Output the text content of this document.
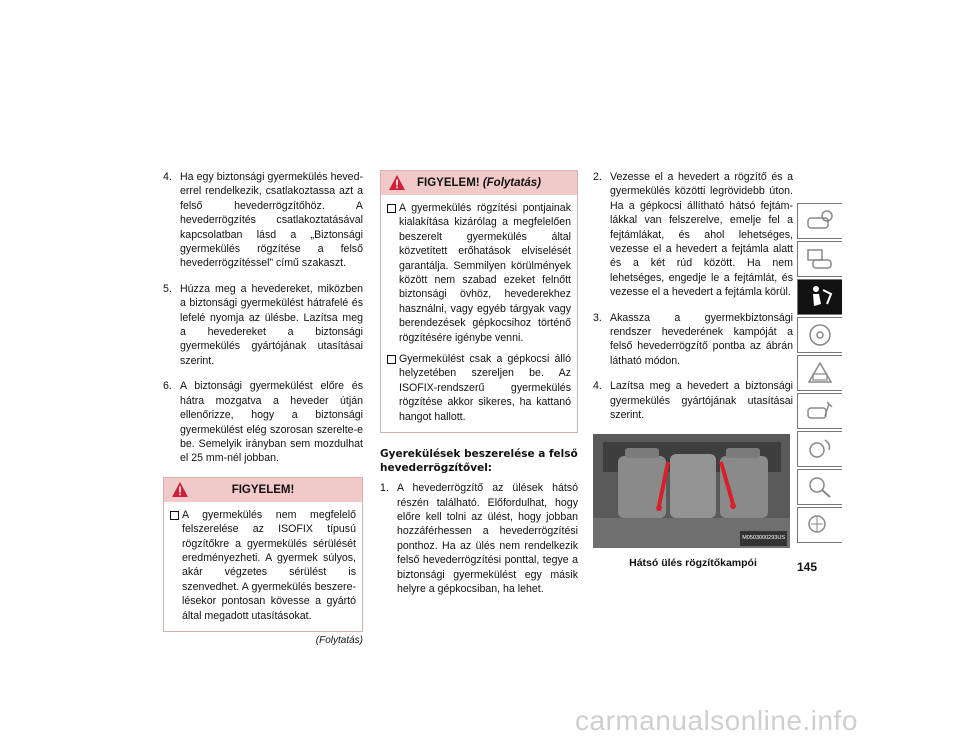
4. Ha egy biztonsági gyermekülés hevederrel rendelkezik, csatlakoztassa azt a felső hevederrögzítőhöz. A hevederrögzítés csatlakoztatásával kapcsolatban lásd a „Biztonsági gyermekülés rögzítése a felső hevederrögzítéssel” című szakaszt.
5. Húzza meg a hevedereket, miközben a biztonsági gyermekülést hátrafelé és lefelé nyomja az ülésbe. Lazítsa meg a hevedereket a biztonsági gyermekülés gyártójának utasításai szerint.
6. A biztonsági gyermekülést előre és hátra mozgatva a heveder útján ellenőrizze, hogy a biztonsági gyermekülést elég szorosan szerelte-e be. Semelyik irányban sem mozdulhat el 25 mm-nél jobban.
FIGYELEM!
A gyermekülés nem megfelelő felszerelése az ISOFIX típusú rögzítőkre a gyermekülés sérülését eredményezheti. A gyermek súlyos, akár végzetes sérülést is szenvedhet. A gyermekülés beszerelésekor pontosan kövesse a gyártó által megadott utasításokat.
(Folytatás)
FIGYELEM! (Folytatás)
A gyermekülés rögzítési pontjainak kialakítása kizárólag a megfelelően beszerelt gyermekülés által közvetített erőhatások elviselését garantálja. Semmilyen körülmények között nem szabad ezeket felnőtt biztonsági övhöz, hevederekhez használni, vagy egyéb tárgyak vagy berendezések gépkocsihoz történő rögzítésére igénybe venni.
Gyermekülést csak a gépkocsi álló helyzetében szereljen be. Az ISOFIX-rendszerű gyermekülés rögzítése akkor sikeres, ha kattanó hangot hallott.
Gyerekülések beszerelése a felső hevederrögzítővel:
1. A hevederrögzítő az ülések hátsó részén található. Előfordulhat, hogy előre kell tolni az ülést, hogy jobban hozzáférhessen a hevederrögzítési ponthoz. Ha az ülés nem rendelkezik felső hevederrögzítési ponttal, tegye a biztonsági gyermekülést egy másik helyre a gépkocsiban, ha lehet.
2. Vezesse el a hevedert a rögzítő és a gyermekülés közötti legrövidebb úton. Ha a gépkocsi állítható hátsó fejtámlákkal van felszerelve, emelje fel a fejtámlákat, és ahol lehetséges, vezesse el a hevedert a fejtámla alatt és a két rúd között. Ha nem lehetséges, engedje le a fejtámlát, és vezesse el a hevedert a fejtámla körül.
3. Akassza a gyermekbiztonsági rendszer hevederének kampóját a felső hevederrögzítő pontba az ábrán látható módon.
4. Lazítsa meg a hevedert a biztonsági gyermekülés gyártójának utasításai szerint.
M0503000293US
Hátsó ülés rögzítőkampói	145
carmanualsonline.info
